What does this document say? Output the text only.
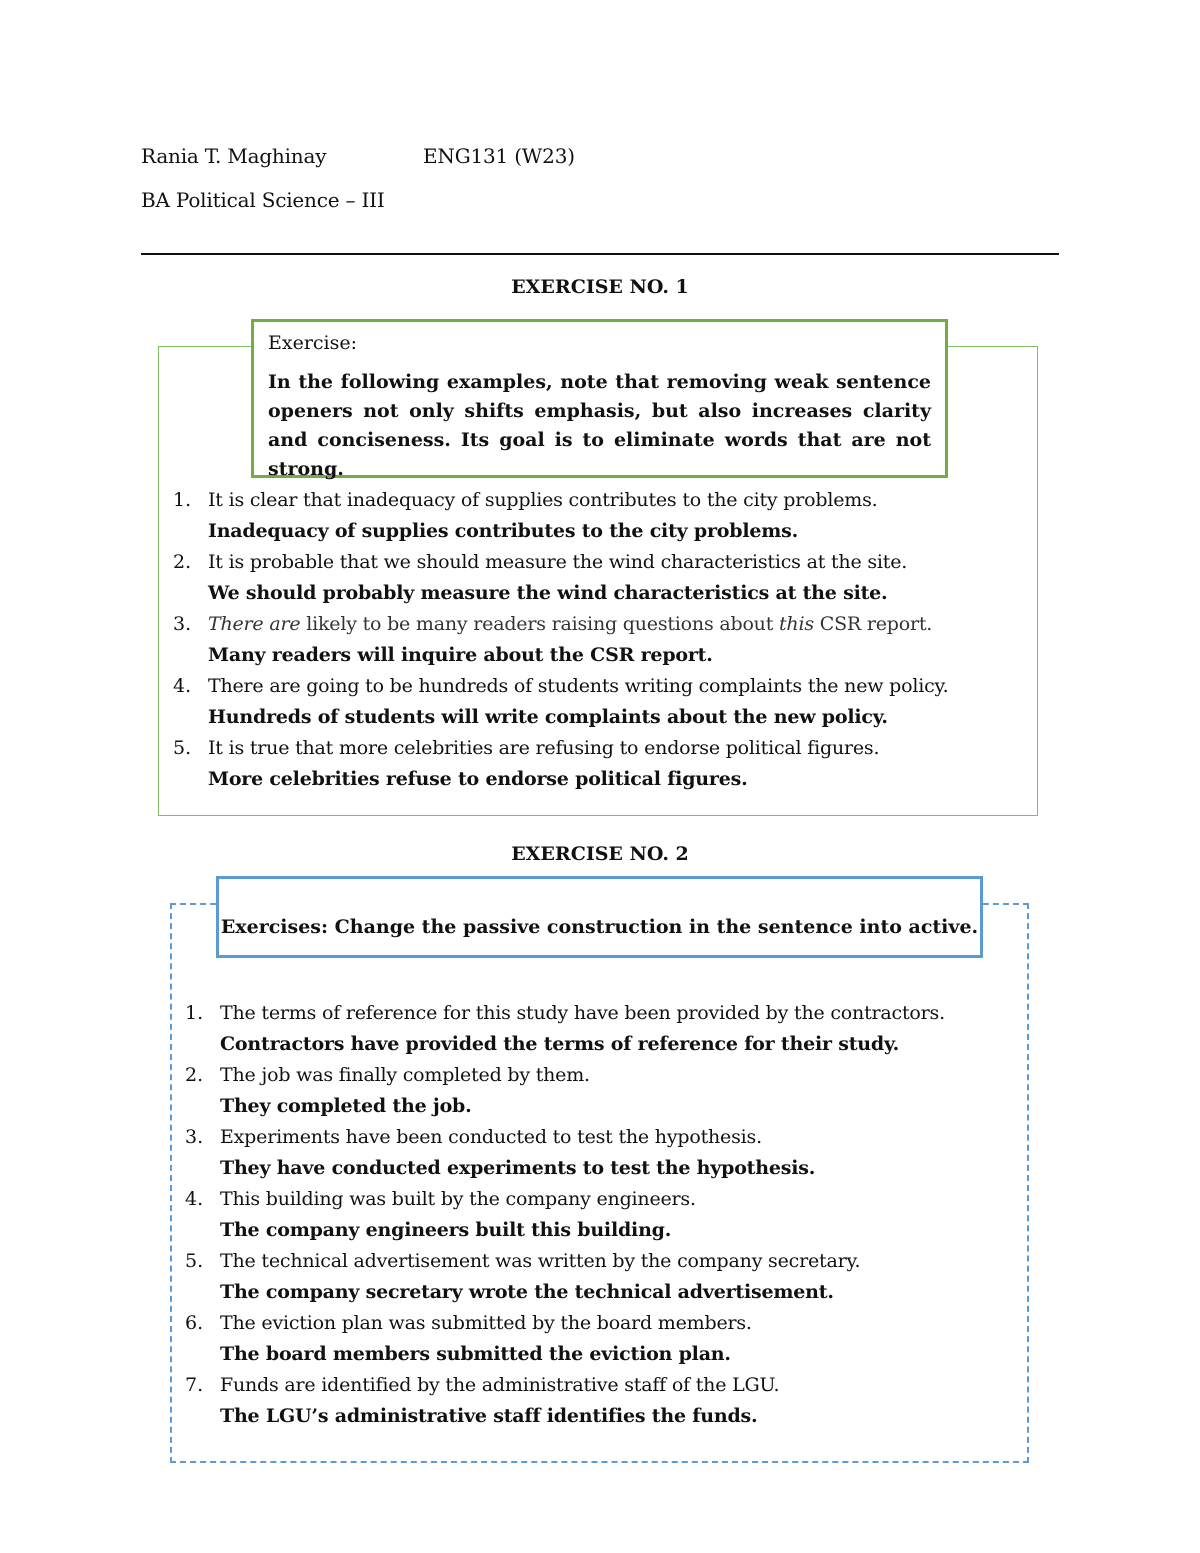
Rania T. Maghinay	ENG131 (W23)
BA Political Science – III
EXERCISE NO. 1
Exercise:
In the following examples, note that removing weak sentence openers not only shifts emphasis, but also increases clarity and conciseness. Its goal is to eliminate words that are not strong.
1. It is clear that inadequacy of supplies contributes to the city problems.
Inadequacy of supplies contributes to the city problems.
2. It is probable that we should measure the wind characteristics at the site.
We should probably measure the wind characteristics at the site.
3. There are likely to be many readers raising questions about this CSR report.
Many readers will inquire about the CSR report.
4. There are going to be hundreds of students writing complaints the new policy.
Hundreds of students will write complaints about the new policy.
5. It is true that more celebrities are refusing to endorse political figures.
More celebrities refuse to endorse political figures.
EXERCISE NO. 2
Exercises: Change the passive construction in the sentence into active.
1. The terms of reference for this study have been provided by the contractors.
Contractors have provided the terms of reference for their study.
2. The job was finally completed by them.
They completed the job.
3. Experiments have been conducted to test the hypothesis.
They have conducted experiments to test the hypothesis.
4. This building was built by the company engineers.
The company engineers built this building.
5. The technical advertisement was written by the company secretary.
The company secretary wrote the technical advertisement.
6. The eviction plan was submitted by the board members.
The board members submitted the eviction plan.
7. Funds are identified by the administrative staff of the LGU.
The LGU’s administrative staff identifies the funds.
